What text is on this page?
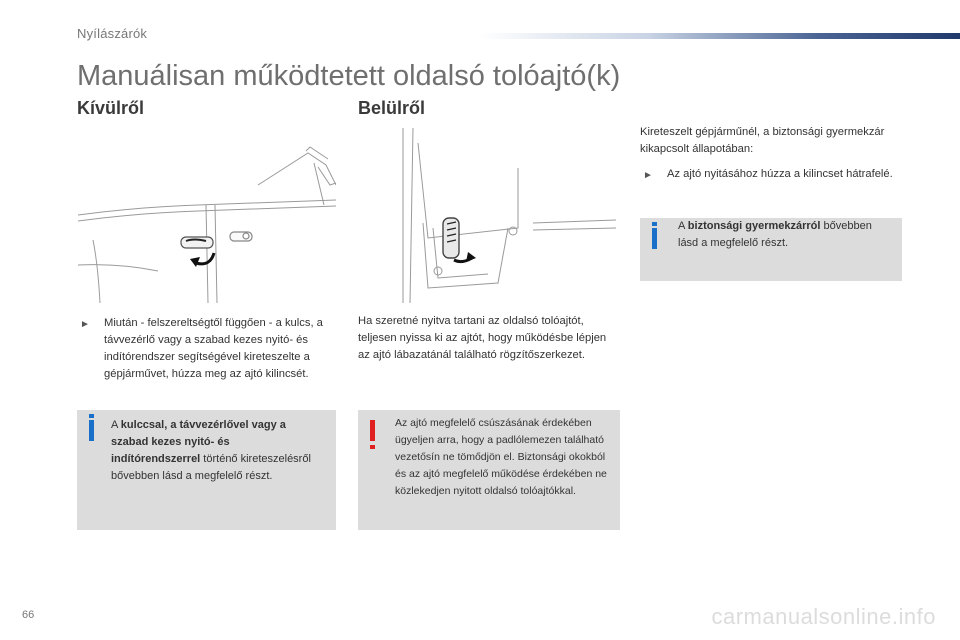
Nyílászárók
Manuálisan működtetett oldalsó tolóajtó(k)
Kívülről	Belülről
►	Miután - felszereltségtől függően - a kulcs, a távvezérlő vagy a szabad kezes nyitó- és indítórendszer segítségével kireteszelte a gépjárművet, húzza meg az ajtó kilincsét.
A kulccsal, a távvezérlővel vagy a szabad kezes nyitó- és indítórendszerrel történő kireteszelésről bővebben lásd a megfelelő részt.
Ha szeretné nyitva tartani az oldalsó tolóajtót, teljesen nyissa ki az ajtót, hogy működésbe lépjen az ajtó lábazatánál található rögzítőszerkezet.
Az ajtó megfelelő csúszásának érdekében ügyeljen arra, hogy a padlólemezen található vezetősín ne tömődjön el. Biztonsági okokból és az ajtó megfelelő működése érdekében ne közlekedjen nyitott oldalsó tolóajtókkal.
Kireteszelt gépjárműnél, a biztonsági gyermekzár kikapcsolt állapotában:
►	Az ajtó nyitásához húzza a kilincset hátrafelé.
A biztonsági gyermekzárról bővebben lásd a megfelelő részt.
66	carmanualsonline.info
